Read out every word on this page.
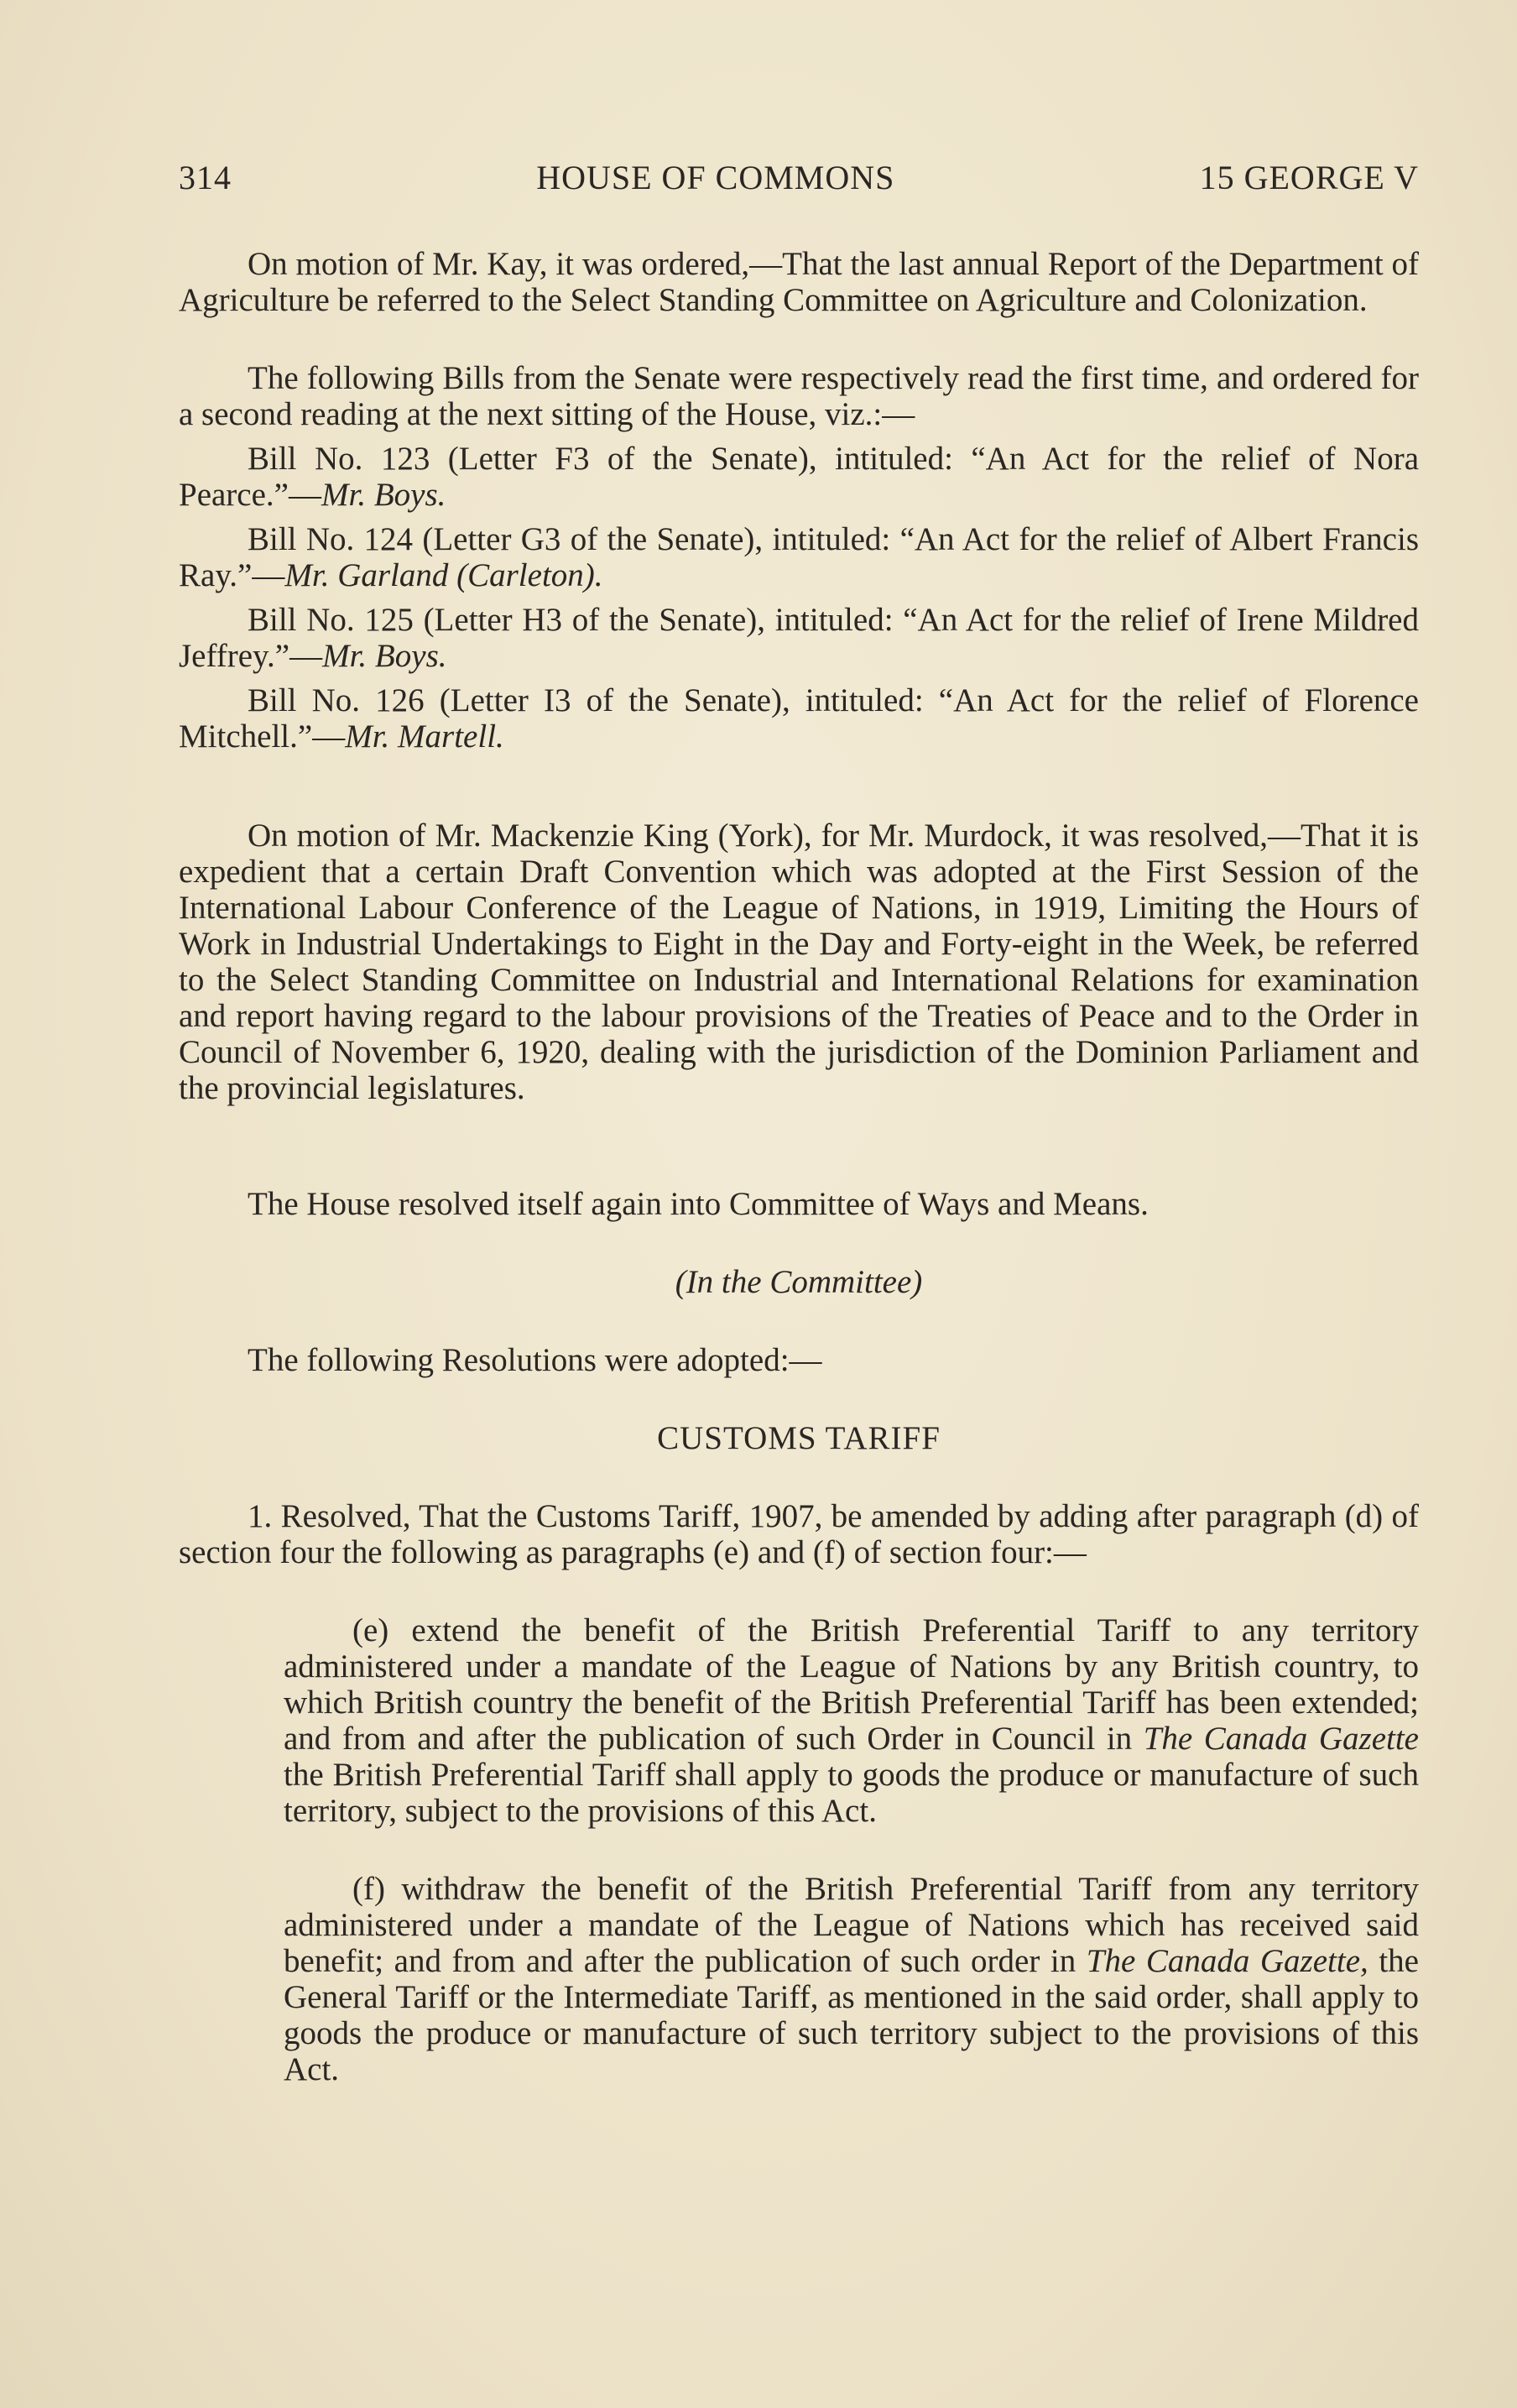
314	HOUSE OF COMMONS	15 GEORGE V

On motion of Mr. Kay, it was ordered,—That the last annual Report of the Department of Agriculture be referred to the Select Standing Committee on Agriculture and Colonization.

The following Bills from the Senate were respectively read the first time, and ordered for a second reading at the next sitting of the House, viz.:—

Bill No. 123 (Letter F3 of the Senate), intituled: “An Act for the relief of Nora Pearce.”—Mr. Boys.

Bill No. 124 (Letter G3 of the Senate), intituled: “An Act for the relief of Albert Francis Ray.”—Mr. Garland (Carleton).

Bill No. 125 (Letter H3 of the Senate), intituled: “An Act for the relief of Irene Mildred Jeffrey.”—Mr. Boys.

Bill No. 126 (Letter I3 of the Senate), intituled: “An Act for the relief of Florence Mitchell.”—Mr. Martell.

On motion of Mr. Mackenzie King (York), for Mr. Murdock, it was resolved,—That it is expedient that a certain Draft Convention which was adopted at the First Session of the International Labour Conference of the League of Nations, in 1919, Limiting the Hours of Work in Industrial Undertakings to Eight in the Day and Forty-eight in the Week, be referred to the Select Standing Committee on Industrial and International Relations for examination and report having regard to the labour provisions of the Treaties of Peace and to the Order in Council of November 6, 1920, dealing with the jurisdiction of the Dominion Parliament and the provincial legislatures.

The House resolved itself again into Committee of Ways and Means.

(In the Committee)

The following Resolutions were adopted:—

CUSTOMS TARIFF

1. Resolved, That the Customs Tariff, 1907, be amended by adding after paragraph (d) of section four the following as paragraphs (e) and (f) of section four:—

(e) extend the benefit of the British Preferential Tariff to any territory administered under a mandate of the League of Nations by any British country, to which British country the benefit of the British Preferential Tariff has been extended; and from and after the publication of such Order in Council in The Canada Gazette the British Preferential Tariff shall apply to goods the produce or manufacture of such territory, subject to the provisions of this Act.

(f) withdraw the benefit of the British Preferential Tariff from any territory administered under a mandate of the League of Nations which has received said benefit; and from and after the publication of such order in The Canada Gazette, the General Tariff or the Intermediate Tariff, as mentioned in the said order, shall apply to goods the produce or manufacture of such territory subject to the provisions of this Act.
